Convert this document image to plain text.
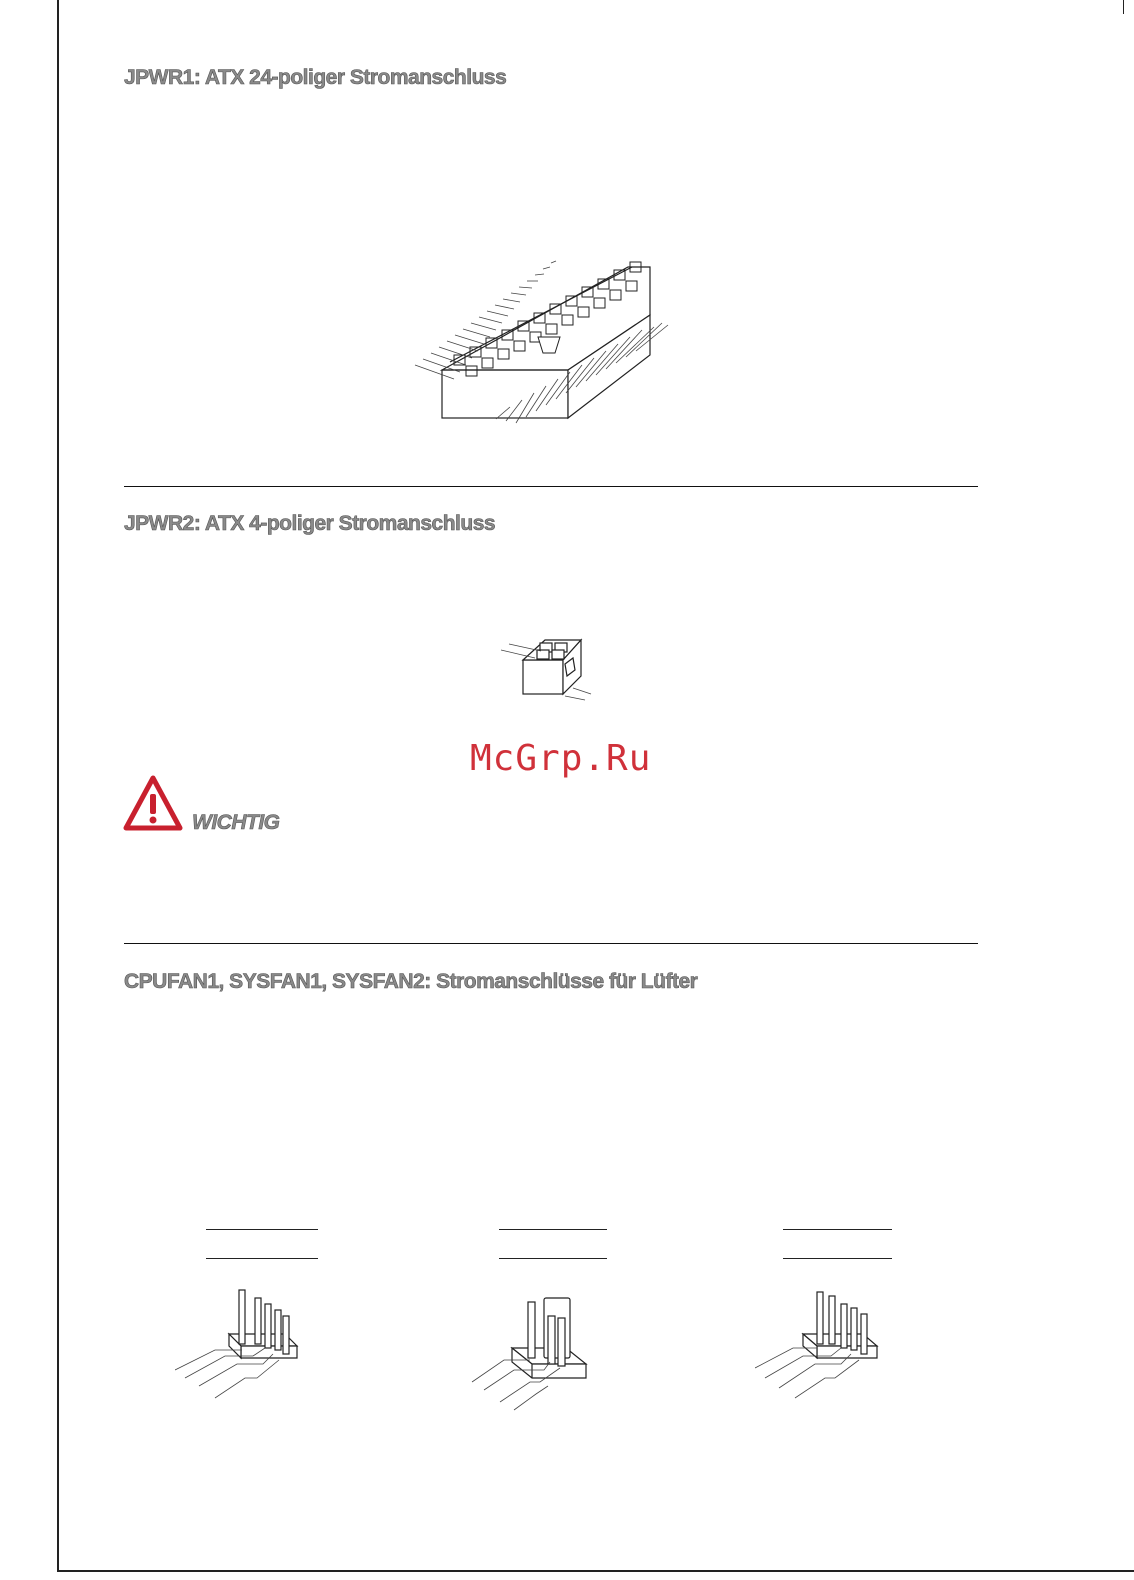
JPWR1: ATX 24-poliger Stromanschluss
JPWR2: ATX 4-poliger Stromanschluss
WICHTIG
McGrp.Ru
CPUFAN1, SYSFAN1, SYSFAN2: Stromanschlüsse für Lüfter
